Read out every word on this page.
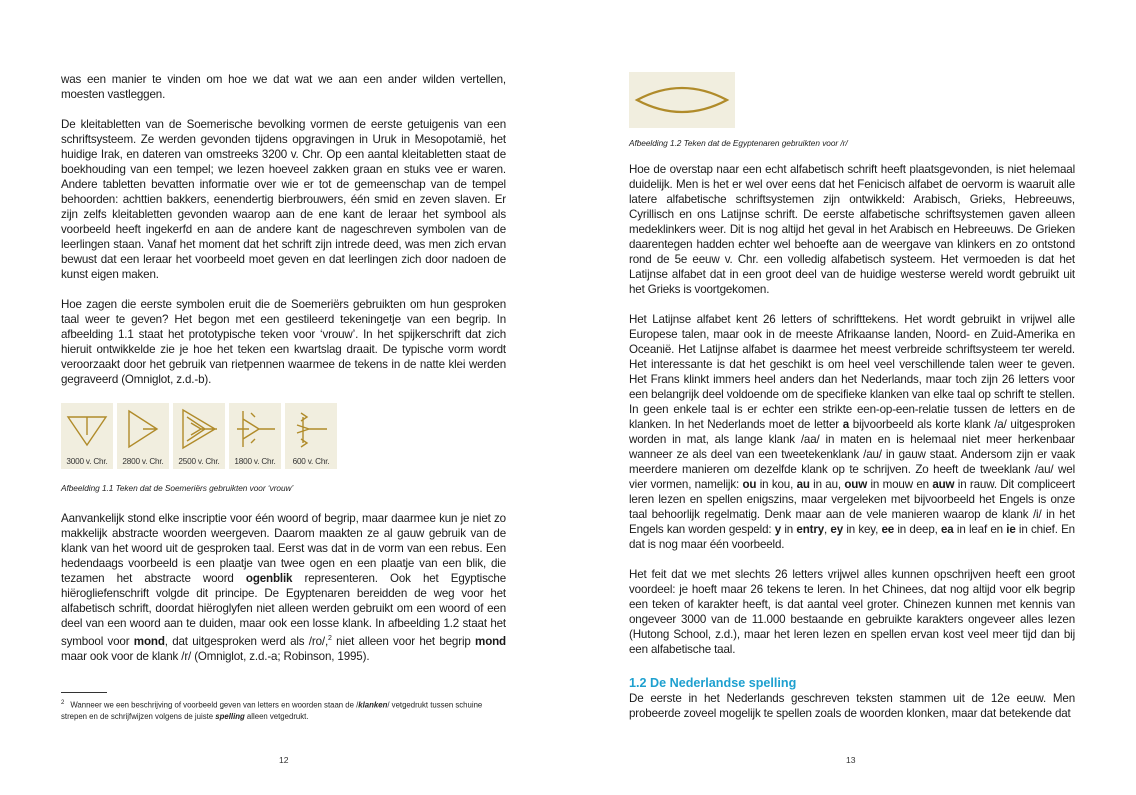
was een manier te vinden om hoe we dat wat we aan een ander wilden vertellen, moesten vastleggen.

De kleitabletten van de Soemerische bevolking vormen de eerste getuigenis van een schriftsysteem. Ze werden gevonden tijdens opgravingen in Uruk in Mesopotamië, het huidige Irak, en dateren van omstreeks 3200 v. Chr. Op een aantal kleitabletten staat de boekhouding van een tempel; we lezen hoeveel zakken graan en stuks vee er waren. Andere tabletten bevatten informatie over wie er tot de gemeenschap van de tempel behoorden: achttien bakkers, eenendertig bierbrouwers, één smid en zeven slaven. Er zijn zelfs kleitabletten gevonden waarop aan de ene kant de leraar het symbool als voorbeeld heeft ingekerfd en aan de andere kant de nageschreven symbolen van de leerlingen staan. Vanaf het moment dat het schrift zijn intrede deed, was men zich ervan bewust dat een leraar het voorbeeld moet geven en dat leerlingen zich door nadoen de kunst eigen maken.

Hoe zagen die eerste symbolen eruit die de Soemeriërs gebruikten om hun gesproken taal weer te geven? Het begon met een gestileerd tekeningetje van een begrip. In afbeelding 1.1 staat het prototypische teken voor ‘vrouw’. In het spijkerschrift dat zich hieruit ontwikkelde zie je hoe het teken een kwartslag draait. De typische vorm wordt veroorzaakt door het gebruik van rietpennen waarmee de tekens in de natte klei werden gegraveerd (Omniglot, z.d.-b).

3000 v. Chr.	2800 v. Chr.	2500 v. Chr.	1800 v. Chr.	600 v. Chr.
Afbeelding 1.1 Teken dat de Soemeriërs gebruikten voor ‘vrouw’

Aanvankelijk stond elke inscriptie voor één woord of begrip, maar daarmee kun je niet zo makkelijk abstracte woorden weergeven. Daarom maakten ze al gauw gebruik van de klank van het woord uit de gesproken taal. Eerst was dat in de vorm van een rebus. Een hedendaags voorbeeld is een plaatje van twee ogen en een plaatje van een blik, die tezamen het abstracte woord ogenblik representeren. Ook het Egyptische hiërogliefenschrift volgde dit principe. De Egyptenaren bereidden de weg voor het alfabetisch schrift, doordat hiëroglyfen niet alleen werden gebruikt om een woord of een deel van een woord aan te duiden, maar ook een losse klank. In afbeelding 1.2 staat het symbool voor mond, dat uitgesproken werd als /ro/,$^2$ niet alleen voor het begrip mond maar ook voor de klank /r/ (Omniglot, z.d.-a; Robinson, 1995).

$^2$ Wanneer we een beschrijving of voorbeeld geven van letters en woorden staan de /klanken/ vetgedrukt tussen schuine strepen en de schrijfwijzen volgens de juiste spelling alleen vetgedrukt.
12
Afbeelding 1.2 Teken dat de Egyptenaren gebruikten voor /r/

Hoe de overstap naar een echt alfabetisch schrift heeft plaatsgevonden, is niet helemaal duidelijk. Men is het er wel over eens dat het Fenicisch alfabet de oervorm is waaruit alle latere alfabetische schriftsystemen zijn ontwikkeld: Arabisch, Grieks, Hebreeuws, Cyrillisch en ons Latijnse schrift. De eerste alfabetische schriftsystemen gaven alleen medeklinkers weer. Dit is nog altijd het geval in het Arabisch en Hebreeuws. De Grieken daarentegen hadden echter wel behoefte aan de weergave van klinkers en zo ontstond rond de 5e eeuw v. Chr. een volledig alfabetisch systeem. Het vermoeden is dat het Latijnse alfabet dat in een groot deel van de huidige westerse wereld wordt gebruikt uit het Grieks is voortgekomen.

Het Latijnse alfabet kent 26 letters of schrifttekens. Het wordt gebruikt in vrijwel alle Europese talen, maar ook in de meeste Afrikaanse landen, Noord- en Zuid-Amerika en Oceanië. Het Latijnse alfabet is daarmee het meest verbreide schriftsysteem ter wereld. Het interessante is dat het geschikt is om heel veel verschillende talen weer te geven. Het Frans klinkt immers heel anders dan het Nederlands, maar toch zijn 26 letters voor een belangrijk deel voldoende om de specifieke klanken van elke taal op schrift te stellen. In geen enkele taal is er echter een strikte een-op-een-relatie tussen de letters en de klanken. In het Nederlands moet de letter a bijvoorbeeld als korte klank /a/ uitgesproken worden in mat, als lange klank /aa/ in maten en is helemaal niet meer herkenbaar wanneer ze als deel van een tweetekenklank /au/ in gauw staat. Andersom zijn er vaak meerdere manieren om dezelfde klank op te schrijven. Zo heeft de tweeklank /au/ wel vier vormen, namelijk: ou in kou, au in au, ouw in mouw en auw in rauw. Dit compliceert leren lezen en spellen enigszins, maar vergeleken met bijvoorbeeld het Engels is onze taal behoorlijk regelmatig. Denk maar aan de vele manieren waarop de klank /i/ in het Engels kan worden gespeld: y in entry, ey in key, ee in deep, ea in leaf en ie in chief. En dat is nog maar één voorbeeld.

Het feit dat we met slechts 26 letters vrijwel alles kunnen opschrijven heeft een groot voordeel: je hoeft maar 26 tekens te leren. In het Chinees, dat nog altijd voor elk begrip een teken of karakter heeft, is dat aantal veel groter. Chinezen kunnen met kennis van ongeveer 3000 van de 11.000 bestaande en gebruikte karakters ongeveer alles lezen (Hutong School, z.d.), maar het leren lezen en spellen ervan kost veel meer tijd dan bij een alfabetische taal.

1.2 De Nederlandse spelling

De eerste in het Nederlands geschreven teksten stammen uit de 12e eeuw. Men probeerde zoveel mogelijk te spellen zoals de woorden klonken, maar dat betekende dat

13
